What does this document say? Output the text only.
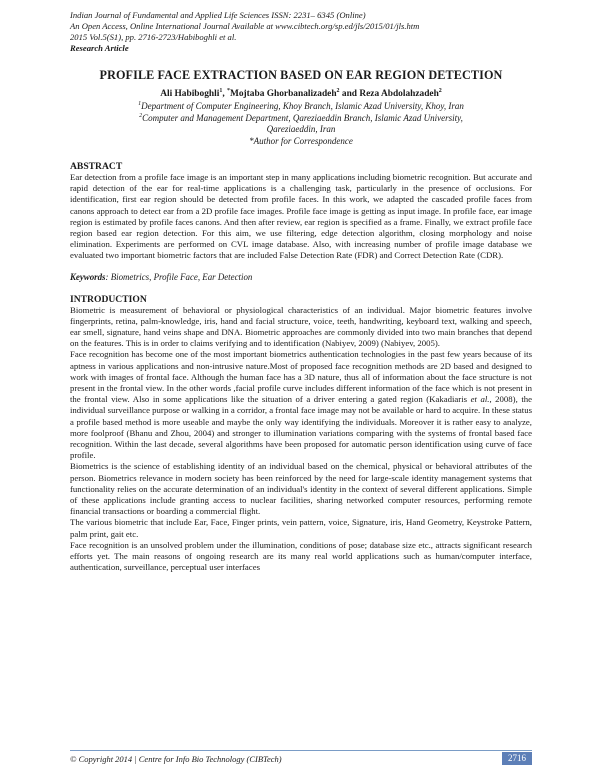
Indian Journal of Fundamental and Applied Life Sciences ISSN: 2231– 6345 (Online)
An Open Access, Online International Journal Available at www.cibtech.org/sp.ed/jls/2015/01/jls.htm
2015 Vol.5(S1), pp. 2716-2723/Habiboghli et al.
Research Article
PROFILE FACE EXTRACTION BASED ON EAR REGION DETECTION
Ali Habiboghli$^1$, *Mojtaba Ghorbanalizadeh$^2$ and Reza Abdolahzadeh$^2$
$^1$Department of Computer Engineering, Khoy Branch, Islamic Azad University, Khoy, Iran
$^2$Computer and Management Department, Qareziaeddin Branch, Islamic Azad University,
Qareziaeddin, Iran
*Author for Correspondence
ABSTRACT
Ear detection from a profile face image is an important step in many applications including biometric recognition. But accurate and rapid detection of the ear for real-time applications is a challenging task, particularly in the presence of occlusions. For identification, first ear region should be detected from profile faces. In this work, we adapted the cascaded profile faces from canons approach to detect ear from a 2D profile face images. Profile face image is getting as input image. In profile face, ear image region is estimated by profile faces canons. And then after review, ear region is specified as a frame. Finally, we extract profile face region based ear region detection. For this aim, we use filtering, edge detection algorithm, closing morphology and noise elimination. Experiments are performed on CVL image database. Also, with increasing number of profile image database we evaluated two important biometric factors that are included False Detection Rate (FDR) and Correct Detection Rate (CDR).
Keywords: Biometrics, Profile Face, Ear Detection
INTRODUCTION
Biometric is measurement of behavioral or physiological characteristics of an individual. Major biometric features involve fingerprints, retina, palm-knowledge, iris, hand and facial structure, voice, teeth, handwriting, keyboard text, walking and speech, ear smell, signature, hand veins shape and DNA. Biometric approaches are commonly divided into two main branches that depend on the features. This is in order to claims verifying and to identification (Nabiyev, 2009) (Nabiyev, 2005).
Face recognition has become one of the most important biometrics authentication technologies in the past few years because of its aptness in various applications and non-intrusive nature.Most of proposed face recognition methods are 2D based and designed to work with images of frontal face. Although the human face has a 3D nature, thus all of information about the face structure is not present in the frontal view. In the other words ,facial profile curve includes different information of the face which is not present in the frontal view. Also in some applications like the situation of a driver entering a gated region (Kakadiaris et al., 2008), the individual surveillance purpose or walking in a corridor, a frontal face image may not be available or hard to acquire. In these status a profile based method is more useable and maybe the only way identifying the individuals. Moreover it is rather easy to analyze, more foolproof (Bhanu and Zhou, 2004) and stronger to illumination variations comparing with the systems of frontal based face recognition. Within the last decade, several algorithms have been proposed for automatic person identification using curve of face profile.
Biometrics is the science of establishing identity of an individual based on the chemical, physical or behavioral attributes of the person. Biometrics relevance in modern society has been reinforced by the need for large-scale identity management systems that functionality relies on the accurate determination of an individual's identity in the context of several different applications. Simple of these applications include granting access to nuclear facilities, sharing networked computer resources, performing remote financial transactions or boarding a commercial flight.
The various biometric that include Ear, Face, Finger prints, vein pattern, voice, Signature, iris, Hand Geometry, Keystroke Pattern, palm print, gait etc.
Face recognition is an unsolved problem under the illumination, conditions of pose; database size etc., attracts significant research efforts yet. The main reasons of ongoing research are its many real world applications such as human/computer interface, authentication, surveillance, perceptual user interfaces
© Copyright 2014 | Centre for Info Bio Technology (CIBTech)	2716
